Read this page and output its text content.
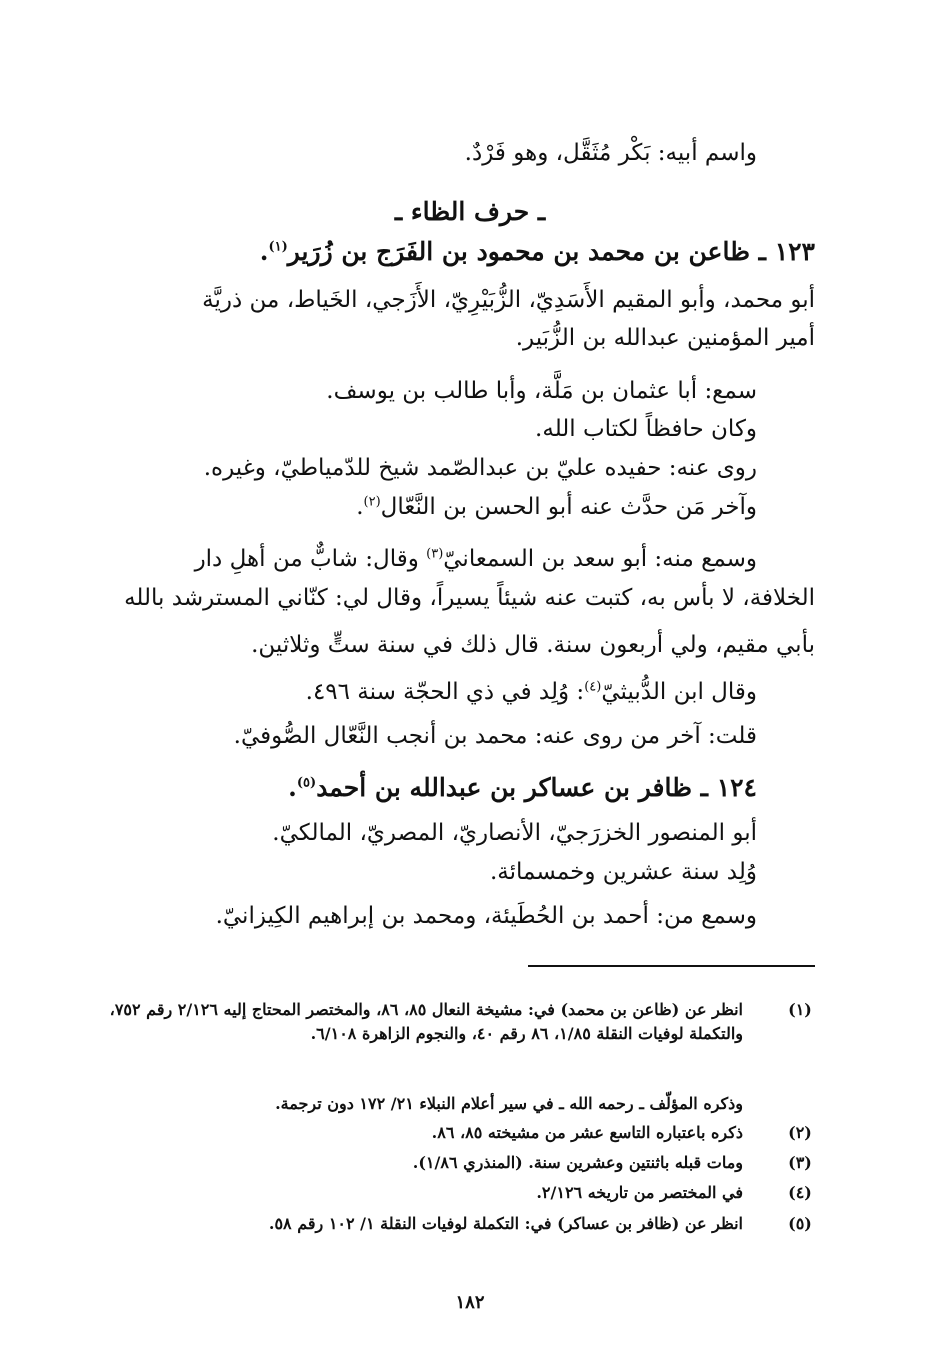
واسم أبيه: بَكْر مُثَقَّل، وهو فَرْدٌ.
ـ حرف الظاء ـ
١٢٣ ـ ظاعن بن محمد بن محمود بن الفَرَج بن زُرَير$^{(١)}$.
أبو محمد، وأبو المقيم الأَسَدِيّ، الزُّبَيْرِيّ، الأَزَجي، الخَياط، من ذريَّة
أمير المؤمنين عبدالله بن الزُّبَير.
سمع: أبا عثمان بن مَلَّة، وأبا طالب بن يوسف.
وكان حافظاً لكتاب الله.
روى عنه: حفيده عليّ بن عبدالصّمد شيخ للدّمياطيّ، وغيره.
وآخر مَن حدَّث عنه أبو الحسن بن النَّعّال$^{(٢)}$.
وسمع منه: أبو سعد بن السمعانيّ$^{(٣)}$ وقال: شابٌّ من أهلِ دار
الخلافة، لا بأس به، كتبت عنه شيئاً يسيراً، وقال لي: كنّاني المسترشد بالله
بأبي مقيم، ولي أربعون سنة. قال ذلك في سنة ستٍّ وثلاثين.
وقال ابن الدُّبيثيّ$^{(٤)}$: وُلِد في ذي الحجّة سنة ٤٩٦.
قلت: آخر من روى عنه: محمد بن أنجب النَّعّال الصُّوفيّ.
١٢٤ ـ ظافر بن عساكر بن عبدالله بن أحمد$^{(٥)}$.
أبو المنصور الخزرَجيّ، الأنصاريّ، المصريّ، المالكيّ.
وُلِد سنة عشرين وخمسمائة.
وسمع من: أحمد بن الحُطَيئة، ومحمد بن إبراهيم الكِيزانيّ.
(١)
انظر عن (ظاعن بن محمد) في: مشيخة النعال ٨٥، ٨٦، والمختصر المحتاج إليه ٢/١٢٦ رقم ٧٥٢، والتكملة لوفيات النقلة ١/٨٥، ٨٦ رقم ٤٠، والنجوم الزاهرة ٦/١٠٨.
وذكره المؤلّف ـ رحمه الله ـ في سير أعلام النبلاء ٢١/ ١٧٢ دون ترجمة.
(٢)
ذكره باعتباره التاسع عشر من مشيخته ٨٥، ٨٦.
(٣)
ومات قبله باثنتين وعشرين سنة. (المنذري ١/٨٦).
(٤)
في المختصر من تاريخه ٢/١٢٦.
(٥)
انظر عن (ظافر بن عساكر) في: التكملة لوفيات النقلة ١/ ١٠٢ رقم ٥٨.
١٨٢
